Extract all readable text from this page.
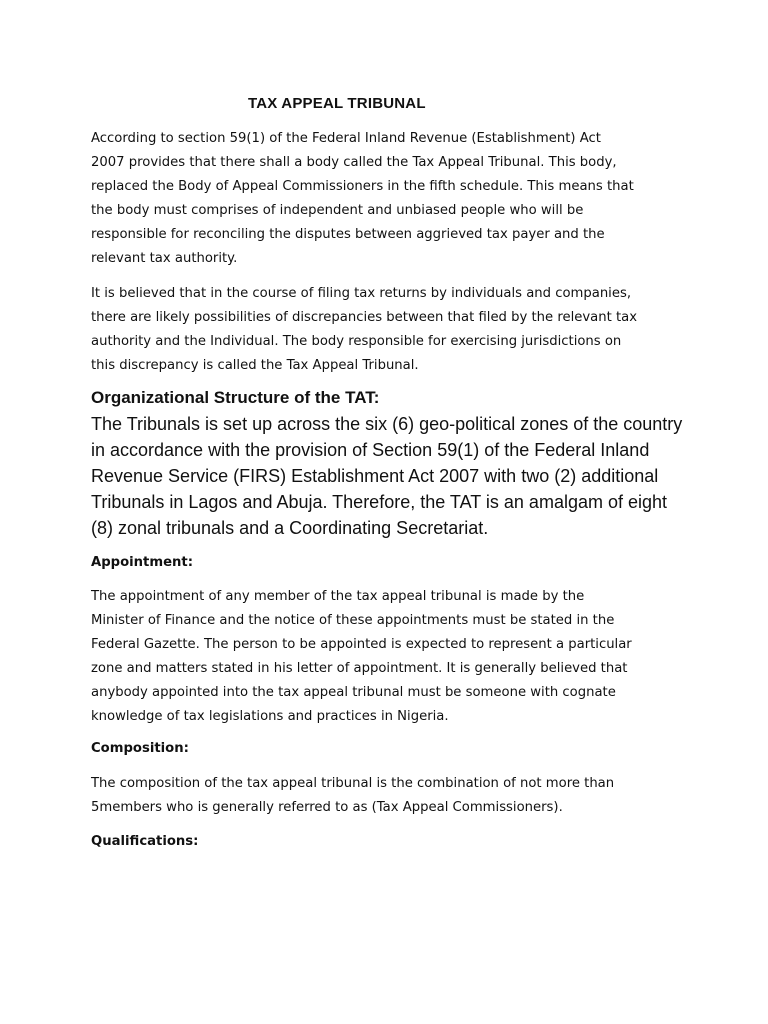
TAX APPEAL TRIBUNAL

According to section 59(1) of the Federal Inland Revenue (Establishment) Act
2007 provides that there shall a body called the Tax Appeal Tribunal. This body,
replaced the Body of Appeal Commissioners in the fifth schedule. This means that
the body must comprises of independent and unbiased people who will be
responsible for reconciling the disputes between aggrieved tax payer and the
relevant tax authority.

It is believed that in the course of filing tax returns by individuals and companies,
there are likely possibilities of discrepancies between that filed by the relevant tax
authority and the Individual. The body responsible for exercising jurisdictions on
this discrepancy is called the Tax Appeal Tribunal.

Organizational Structure of the TAT:

The Tribunals is set up across the six (6) geo-political zones of the country
in accordance with the provision of Section 59(1) of the Federal Inland
Revenue Service (FIRS) Establishment Act 2007 with two (2) additional
Tribunals in Lagos and Abuja. Therefore, the TAT is an amalgam of eight
(8) zonal tribunals and a Coordinating Secretariat.

Appointment:

The appointment of any member of the tax appeal tribunal is made by the
Minister of Finance and the notice of these appointments must be stated in the
Federal Gazette. The person to be appointed is expected to represent a particular
zone and matters stated in his letter of appointment. It is generally believed that
anybody appointed into the tax appeal tribunal must be someone with cognate
knowledge of tax legislations and practices in Nigeria.

Composition:

The composition of the tax appeal tribunal is the combination of not more than
5members who is generally referred to as (Tax Appeal Commissioners).

Qualifications:
